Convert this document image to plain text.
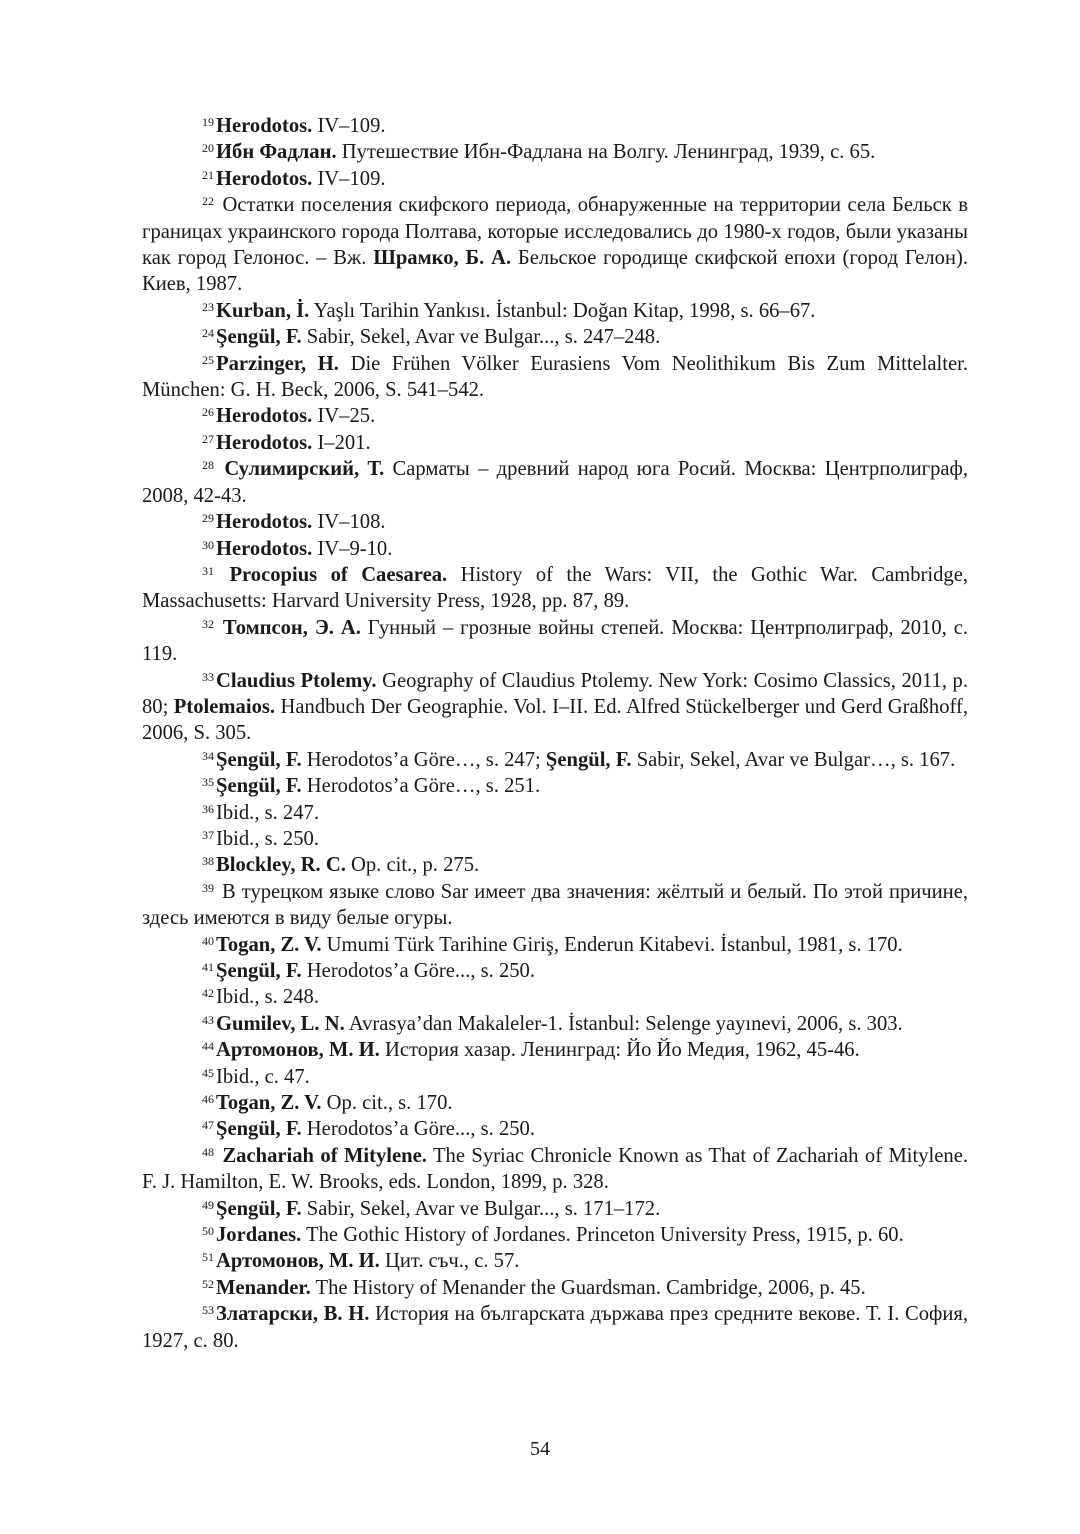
$^{19}$Herodotos. IV–109.

$^{20}$Ибн Фадлан. Путешествие Ибн-Фадлана на Волгу. Ленинград, 1939, с. 65.

$^{21}$Herodotos. IV–109.

$^{22}$ Остатки поселения скифского периода, обнаруженные на территории села Бельск в границах украинского города Полтава, которые исследовались до 1980-х годов, были указаны как город Гелонос. – Вж. Шрамко, Б. А. Бельское городище скифской епохи (город Гелон). Киев, 1987.

$^{23}$Kurban, İ. Yaşlı Tarihin Yankısı. İstanbul: Doğan Kitap, 1998, s. 66–67.

$^{24}$Şengül, F. Sabir, Sekel, Avar ve Bulgar..., s. 247–248.

$^{25}$Parzinger, H. Die Frühen Völker Eurasiens Vom Neolithikum Bis Zum Mittelalter. München: G. H. Beck, 2006, S. 541–542.

$^{26}$Herodotos. IV–25.

$^{27}$Herodotos. I–201.

$^{28}$ Сулимирский, Т. Сарматы – древний народ юга Росий. Москва: Центрполиграф, 2008, 42-43.

$^{29}$Herodotos. IV–108.

$^{30}$Herodotos. IV–9-10.

$^{31}$ Procopius of Caesarea. History of the Wars: VII, the Gothic War. Cambridge, Massachusetts: Harvard University Press, 1928, pp. 87, 89.

$^{32}$ Томпсон, Э. А. Гунный – грозные войны степей. Москва: Центрполиграф, 2010, с. 119.

$^{33}$Claudius Ptolemy. Geography of Claudius Ptolemy. New York: Cosimo Classics, 2011, p. 80; Ptolemaios. Handbuch Der Geographie. Vol. I–II. Ed. Alfred Stückelberger und Gerd Graßhoff, 2006, S. 305.

$^{34}$Şengül, F. Herodotos’a Göre…, s. 247; Şengül, F. Sabir, Sekel, Avar ve Bulgar…, s. 167.

$^{35}$Şengül, F. Herodotos’a Göre…, s. 251.

$^{36}$Ibid., s. 247.

$^{37}$Ibid., s. 250.

$^{38}$Blockley, R. C. Op. cit., p. 275.

$^{39}$ В турецком языке слово Sar имеет два значения: жёлтый и белый. По этой причине, здесь имеются в виду белые огуры.

$^{40}$Togan, Z. V. Umumi Türk Tarihine Giriş, Enderun Kitabevi. İstanbul, 1981, s. 170.

$^{41}$Şengül, F. Herodotos’a Göre..., s. 250.

$^{42}$Ibid., s. 248.

$^{43}$Gumilev, L. N. Avrasya’dan Makaleler-1. İstanbul: Selenge yayınevi, 2006, s. 303.

$^{44}$Артомонов, М. И. История хазар. Ленинград: Йо Йо Медия, 1962, 45-46.

$^{45}$Ibid., c. 47.

$^{46}$Togan, Z. V. Op. cit., s. 170.

$^{47}$Şengül, F. Herodotos’a Göre..., s. 250.

$^{48}$ Zachariah of Mitylene. The Syriac Chronicle Known as That of Zachariah of Mitylene. F. J. Hamilton, E. W. Brooks, eds. London, 1899, p. 328.

$^{49}$Şengül, F. Sabir, Sekel, Avar ve Bulgar..., s. 171–172.

$^{50}$Jordanes. The Gothic History of Jordanes. Princeton University Press, 1915, p. 60.

$^{51}$Артомонов, М. И. Цит. съч., с. 57.

$^{52}$Menander. The History of Menander the Guardsman. Cambridge, 2006, p. 45.

$^{53}$Златарски, В. Н. История на българската държава през средните векове. Т. I. София, 1927, с. 80.

54
